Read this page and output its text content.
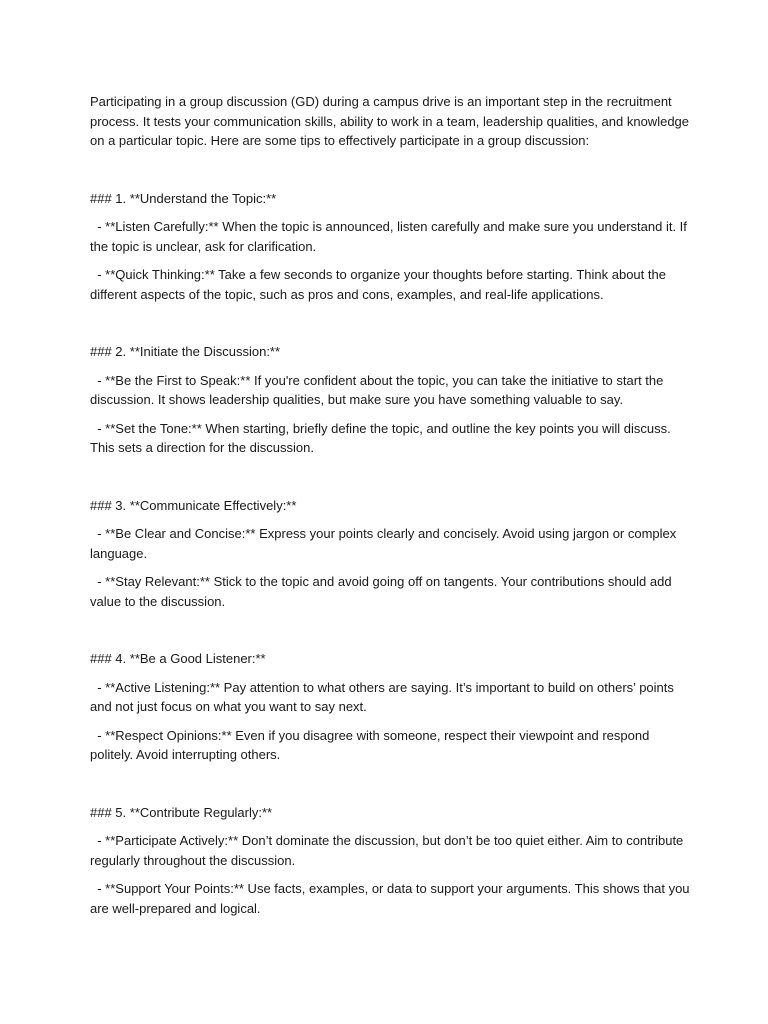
Participating in a group discussion (GD) during a campus drive is an important step in the recruitment process. It tests your communication skills, ability to work in a team, leadership qualities, and knowledge on a particular topic. Here are some tips to effectively participate in a group discussion:

### 1. **Understand the Topic:**

- **Listen Carefully:** When the topic is announced, listen carefully and make sure you understand it. If the topic is unclear, ask for clarification.

- **Quick Thinking:** Take a few seconds to organize your thoughts before starting. Think about the different aspects of the topic, such as pros and cons, examples, and real-life applications.

### 2. **Initiate the Discussion:**

- **Be the First to Speak:** If you're confident about the topic, you can take the initiative to start the discussion. It shows leadership qualities, but make sure you have something valuable to say.

- **Set the Tone:** When starting, briefly define the topic, and outline the key points you will discuss. This sets a direction for the discussion.

### 3. **Communicate Effectively:**

- **Be Clear and Concise:** Express your points clearly and concisely. Avoid using jargon or complex language.

- **Stay Relevant:** Stick to the topic and avoid going off on tangents. Your contributions should add value to the discussion.

### 4. **Be a Good Listener:**

- **Active Listening:** Pay attention to what others are saying. It’s important to build on others’ points and not just focus on what you want to say next.

- **Respect Opinions:** Even if you disagree with someone, respect their viewpoint and respond politely. Avoid interrupting others.

### 5. **Contribute Regularly:**

- **Participate Actively:** Don’t dominate the discussion, but don’t be too quiet either. Aim to contribute regularly throughout the discussion.

- **Support Your Points:** Use facts, examples, or data to support your arguments. This shows that you are well-prepared and logical.
